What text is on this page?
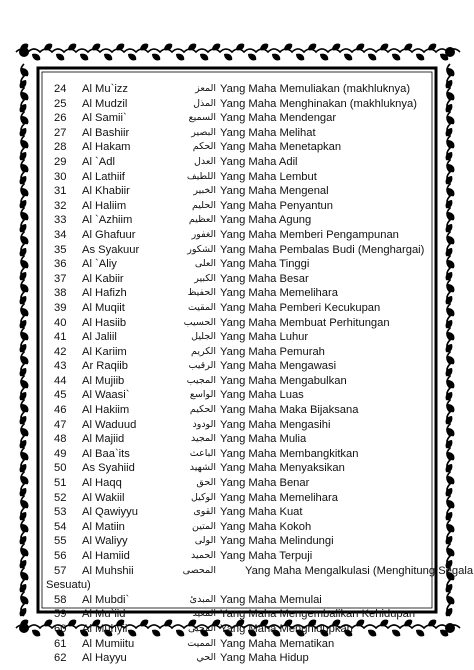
24	Al Mu`izz	المعز Yang Maha Memuliakan (makhluknya)
25	Al Mudzil	المذل Yang Maha Menghinakan (makhluknya)
26	Al Samii`	السميع Yang Maha Mendengar
27	Al Bashiir	البصير Yang Maha Melihat
28	Al Hakam	الحكم Yang Maha Menetapkan
29	Al `Adl	العدل Yang Maha Adil
30	Al Lathiif	اللطيف Yang Maha Lembut
31	Al Khabiir	الخبير Yang Maha Mengenal
32	Al Haliim	الحليم Yang Maha Penyantun
33	Al `Azhiim	العظيم Yang Maha Agung
34	Al Ghafuur	الغفور Yang Maha Memberi Pengampunan
35	As Syakuur	الشكور Yang Maha Pembalas Budi (Menghargai)
36	Al `Aliy	العلى Yang Maha Tinggi
37	Al Kabiir	الكبير Yang Maha Besar
38	Al Hafizh	الحفيظ Yang Maha Memelihara
39	Al Muqiit	المقيت Yang Maha Pemberi Kecukupan
40	Al Hasiib	الحسيب Yang Maha Membuat Perhitungan
41	Al Jaliil	الجليل Yang Maha Luhur
42	Al Kariim	الكريم Yang Maha Pemurah
43	Ar Raqiib	الرقيب Yang Maha Mengawasi
44	Al Mujiib	المجيب Yang Maha Mengabulkan
45	Al Waasi`	الواسع Yang Maha Luas
46	Al Hakiim	الحكيم Yang Maha Maka Bijaksana
47	Al Waduud	الودود Yang Maha Mengasihi
48	Al Majiid	المجيد Yang Maha Mulia
49	Al Baa`its	الباعث Yang Maha Membangkitkan
50	As Syahiid	الشهيد Yang Maha Menyaksikan
51	Al Haqq	الحق Yang Maha Benar
52	Al Wakiil	الوكيل Yang Maha Memelihara
53	Al Qawiyyu	القوى Yang Maha Kuat
54	Al Matiin	المتين Yang Maha Kokoh
55	Al Waliyy	الولى Yang Maha Melindungi
56	Al Hamiid	الحميد Yang Maha Terpuji
57	Al Muhshii	المحصى	Yang Maha Mengalkulasi (Menghitung Segala
Sesuatu)
58	Al Mubdi`	المبدئ Yang Maha Memulai
59	Al Mu`iid	المعيد Yang Maha Mengembalikan Kehidupan
60	Al Muhyii	المحيى Yang Maha Menghidupkan
61	Al Mumiitu	المميت Yang Maha Mematikan
62	Al Hayyu	الحي Yang Maha Hidup
